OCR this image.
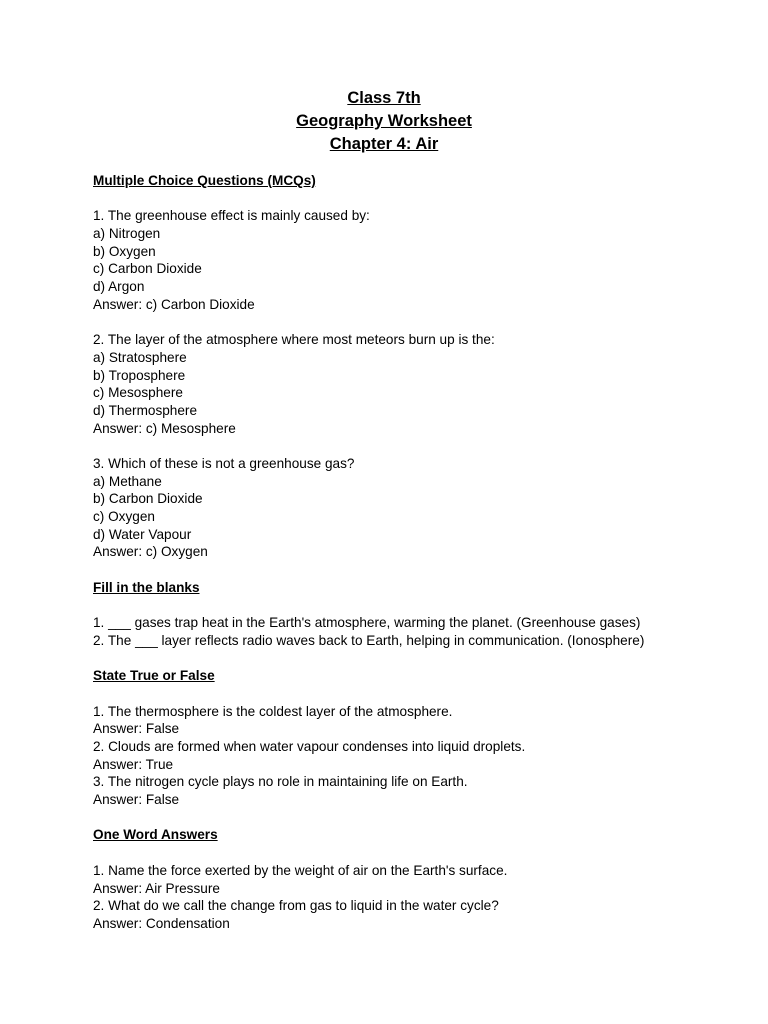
Class 7th
Geography Worksheet
Chapter 4: Air
Multiple Choice Questions (MCQs)
1. The greenhouse effect is mainly caused by:
a) Nitrogen
b) Oxygen
c) Carbon Dioxide
d) Argon
Answer: c) Carbon Dioxide
2. The layer of the atmosphere where most meteors burn up is the:
a) Stratosphere
b) Troposphere
c) Mesosphere
d) Thermosphere
Answer: c) Mesosphere
3. Which of these is not a greenhouse gas?
a) Methane
b) Carbon Dioxide
c) Oxygen
d) Water Vapour
Answer: c) Oxygen
Fill in the blanks
1. ___ gases trap heat in the Earth's atmosphere, warming the planet. (Greenhouse gases)
2. The ___ layer reflects radio waves back to Earth, helping in communication. (Ionosphere)
State True or False
1. The thermosphere is the coldest layer of the atmosphere.
Answer: False
2. Clouds are formed when water vapour condenses into liquid droplets.
Answer: True
3. The nitrogen cycle plays no role in maintaining life on Earth.
Answer: False
One Word Answers
1. Name the force exerted by the weight of air on the Earth's surface.
Answer: Air Pressure
2. What do we call the change from gas to liquid in the water cycle?
Answer: Condensation
